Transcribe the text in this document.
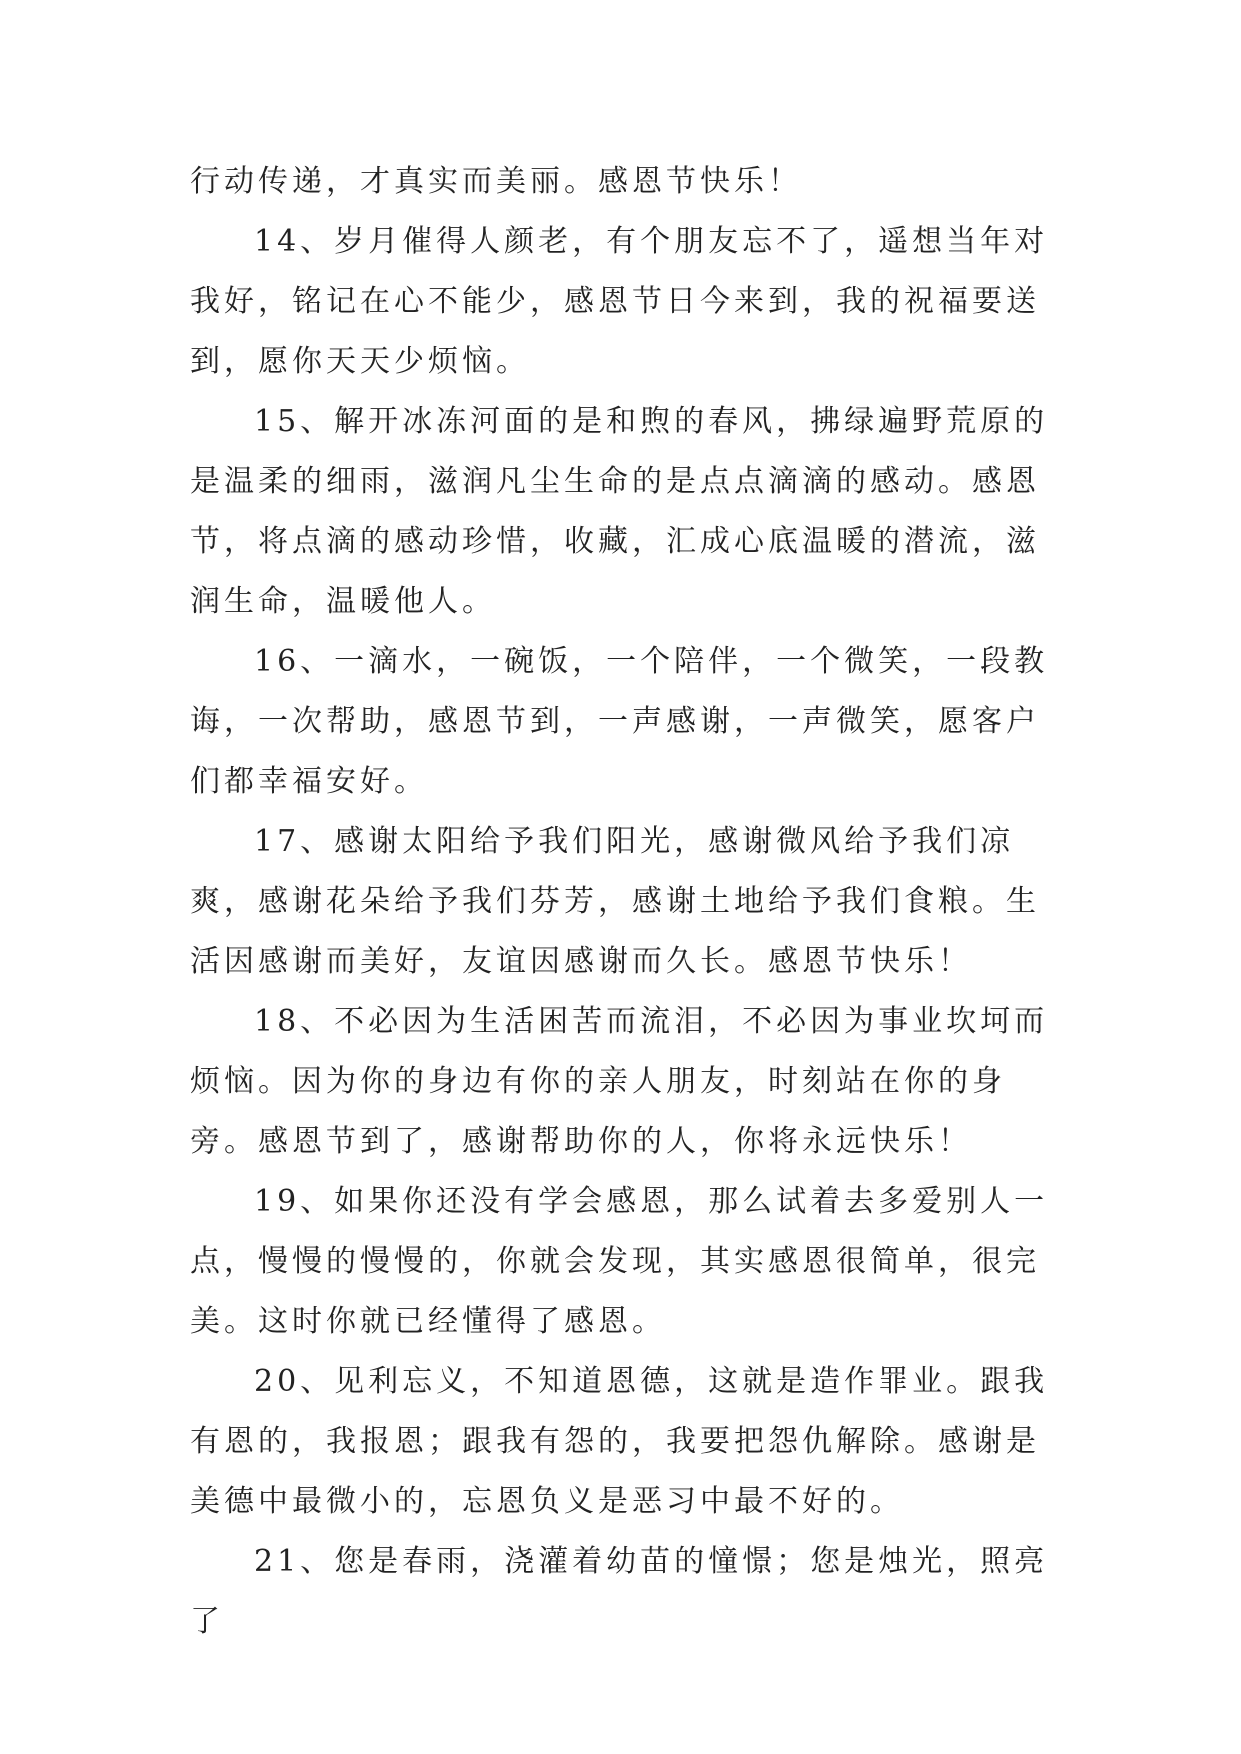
行动传递，才真实而美丽。感恩节快乐！

14、岁月催得人颜老，有个朋友忘不了，遥想当年对我好，铭记在心不能少，感恩节日今来到，我的祝福要送到，愿你天天少烦恼。

15、解开冰冻河面的是和煦的春风，拂绿遍野荒原的是温柔的细雨，滋润凡尘生命的是点点滴滴的感动。感恩节，将点滴的感动珍惜，收藏，汇成心底温暖的潜流，滋润生命，温暖他人。

16、一滴水，一碗饭，一个陪伴，一个微笑，一段教诲，一次帮助，感恩节到，一声感谢，一声微笑，愿客户们都幸福安好。

17、感谢太阳给予我们阳光，感谢微风给予我们凉爽，感谢花朵给予我们芬芳，感谢土地给予我们食粮。生活因感谢而美好，友谊因感谢而久长。感恩节快乐！

18、不必因为生活困苦而流泪，不必因为事业坎坷而烦恼。因为你的身边有你的亲人朋友，时刻站在你的身旁。感恩节到了，感谢帮助你的人，你将永远快乐！

19、如果你还没有学会感恩，那么试着去多爱别人一点，慢慢的慢慢的，你就会发现，其实感恩很简单，很完美。这时你就已经懂得了感恩。

20、见利忘义，不知道恩德，这就是造作罪业。跟我有恩的，我报恩；跟我有怨的，我要把怨仇解除。感谢是美德中最微小的，忘恩负义是恶习中最不好的。

21、您是春雨，浇灌着幼苗的憧憬；您是烛光，照亮了
